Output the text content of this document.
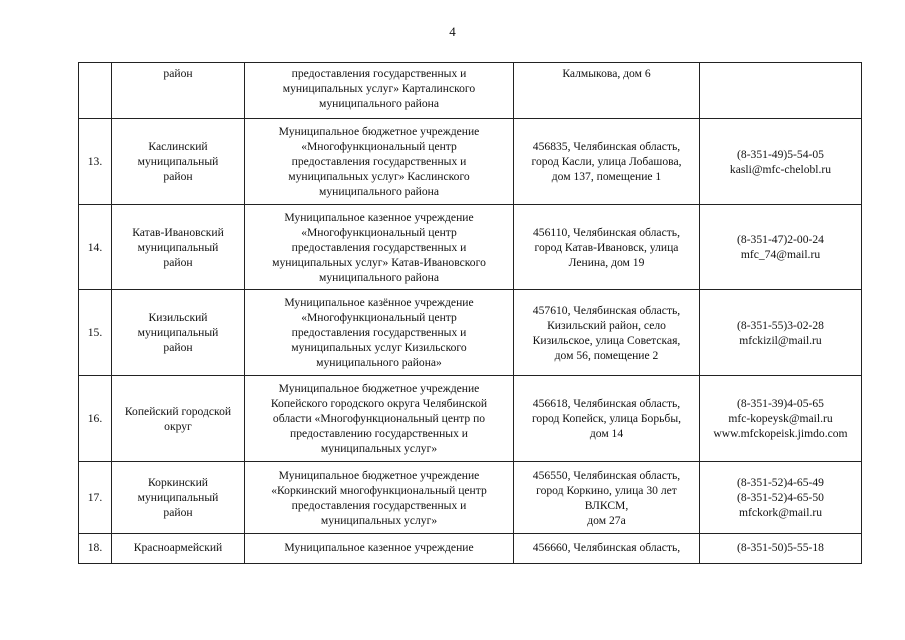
4
	район	предоставления государственных и
муниципальных услуг» Карталинского
муниципального района	Калмыкова, дом 6	
13.	Каслинский
муниципальный
район	Муниципальное бюджетное учреждение
«Многофункциональный центр
предоставления государственных и
муниципальных услуг» Каслинского
муниципального района	456835, Челябинская область,
город Касли, улица Лобашова,
дом 137, помещение 1	(8-351-49)5-54-05
kasli@mfc-chelobl.ru
14.	Катав-Ивановский
муниципальный
район	Муниципальное казенное учреждение
«Многофункциональный центр
предоставления государственных и
муниципальных услуг» Катав-Ивановского
муниципального района	456110, Челябинская область,
город Катав-Ивановск, улица
Ленина, дом 19	(8-351-47)2-00-24
mfc_74@mail.ru
15.	Кизильский
муниципальный
район	Муниципальное казённое учреждение
«Многофункциональный центр
предоставления государственных и
муниципальных услуг Кизильского
муниципального района»	457610, Челябинская область,
Кизильский район, село
Кизильское, улица Советская,
дом 56, помещение 2	(8-351-55)3-02-28
mfckizil@mail.ru
16.	Копейский городской
округ	Муниципальное бюджетное учреждение
Копейского городского округа Челябинской
области «Многофункциональный центр по
предоставлению государственных и
муниципальных услуг»	456618, Челябинская область,
город Копейск, улица Борьбы,
дом 14	(8-351-39)4-05-65
mfc-kopeysk@mail.ru
www.mfckopeisk.jimdo.com
17.	Коркинский
муниципальный
район	Муниципальное бюджетное учреждение
«Коркинский многофункциональный центр
предоставления государственных и
муниципальных услуг»	456550, Челябинская область,
город Коркино, улица 30 лет
ВЛКСМ,
дом 27а	(8-351-52)4-65-49
(8-351-52)4-65-50
mfckork@mail.ru
18.	Красноармейский	Муниципальное казенное учреждение	456660, Челябинская область,	(8-351-50)5-55-18
